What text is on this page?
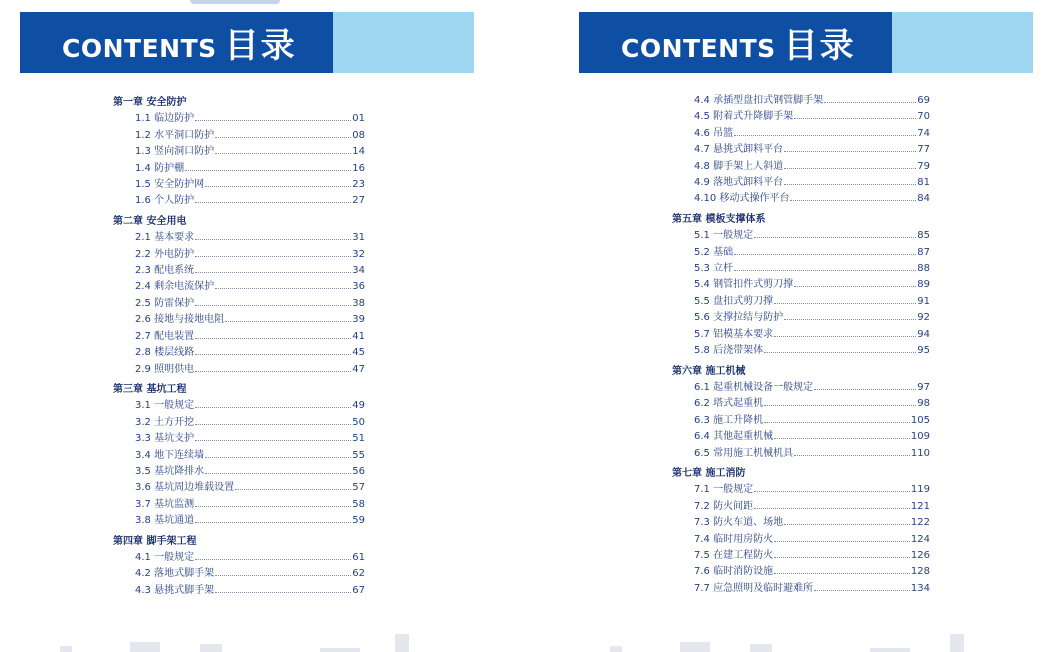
CONTENTS 目录
第一章 安全防护
1.1 临边防护	01
1.2 水平洞口防护	08
1.3 竖向洞口防护	14
1.4 防护棚	16
1.5 安全防护网	23
1.6 个人防护	27
第二章 安全用电
2.1 基本要求	31
2.2 外电防护	32
2.3 配电系统	34
2.4 剩余电流保护	36
2.5 防雷保护	38
2.6 接地与接地电阻	39
2.7 配电装置	41
2.8 楼层线路	45
2.9 照明供电	47
第三章 基坑工程
3.1 一般规定	49
3.2 土方开挖	50
3.3 基坑支护	51
3.4 地下连续墙	55
3.5 基坑降排水	56
3.6 基坑周边堆载设置	57
3.7 基坑监测	58
3.8 基坑通道	59
第四章 脚手架工程
4.1 一般规定	61
4.2 落地式脚手架	62
4.3 悬挑式脚手架	67
CONTENTS 目录
4.4 承插型盘扣式钢管脚手架	69
4.5 附着式升降脚手架	70
4.6 吊篮	74
4.7 悬挑式卸料平台	77
4.8 脚手架上人斜道	79
4.9 落地式卸料平台	81
4.10 移动式操作平台	84
第五章 模板支撑体系
5.1 一般规定	85
5.2 基础	87
5.3 立杆	88
5.4 钢管扣件式剪刀撑	89
5.5 盘扣式剪刀撑	91
5.6 支撑拉结与防护	92
5.7 铝模基本要求	94
5.8 后浇带架体	95
第六章 施工机械
6.1 起重机械设备一般规定	97
6.2 塔式起重机	98
6.3 施工升降机	105
6.4 其他起重机械	109
6.5 常用施工机械机具	110
第七章 施工消防
7.1 一般规定	119
7.2 防火间距	121
7.3 防火车道、场地	122
7.4 临时用房防火	124
7.5 在建工程防火	126
7.6 临时消防设施	128
7.7 应急照明及临时避难所	134
